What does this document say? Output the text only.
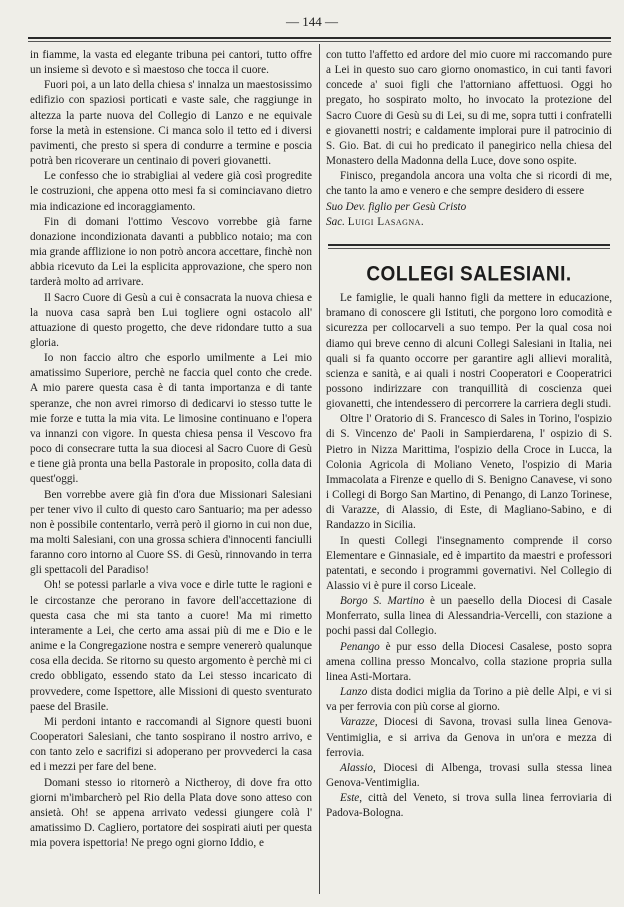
— 144 —

in fiamme, la vasta ed elegante tribuna pei cantori, tutto offre un insieme sì devoto e sì maestoso che tocca il cuore.

Fuori poi, a un lato della chiesa s' innalza un maestosissimo edifizio con spaziosi porticati e vaste sale, che raggiunge in altezza la parte nuova del Collegio di Lanzo e ne equivale forse la metà in estensione. Ci manca solo il tetto ed i diversi pavimenti, che presto si spera di condurre a termine e poscia potrà ben ricoverare un centinaio di poveri giovanetti.

Le confesso che io strabigliai al vedere già così progredite le costruzioni, che appena otto mesi fa si cominciavano dietro mia indicazione ed incoraggiamento.

Fin di domani l'ottimo Vescovo vorrebbe già farne donazione incondizionata davanti a pubblico notaio; ma con mia grande afflizione io non potrò ancora accettare, finchè non abbia ricevuto da Lei la esplicita approvazione, che spero non tarderà molto ad arrivare.

Il Sacro Cuore di Gesù a cui è consacrata la nuova chiesa e la nuova casa saprà ben Lui togliere ogni ostacolo all' attuazione di questo progetto, che deve ridondare tutto a sua gloria.

Io non faccio altro che esporlo umilmente a Lei mio amatissimo Superiore, perchè ne faccia quel conto che crede. A mio parere questa casa è di tanta importanza e di tante speranze, che non avrei rimorso di dedicarvi io stesso tutte le mie forze e tutta la mia vita. Le limosine continuano e l'opera va innanzi con vigore. In questa chiesa pensa il Vescovo fra poco di consecrare tutta la sua diocesi al Sacro Cuore di Gesù e tiene già pronta una bella Pastorale in proposito, colla data di quest'oggi.

Ben vorrebbe avere già fin d'ora due Missionari Salesiani per tener vivo il culto di questo caro Santuario; ma per adesso non è possibile contentarlo, verrà però il giorno in cui non due, ma molti Salesiani, con una grossa schiera d'innocenti fanciulli faranno coro intorno al Cuore SS. di Gesù, rinnovando in terra gli spettacoli del Paradiso!

Oh! se potessi parlarle a viva voce e dirle tutte le ragioni e le circostanze che perorano in favore dell'accettazione di questa casa che mi sta tanto a cuore! Ma mi rimetto interamente a Lei, che certo ama assai più di me e Dio e le anime e la Congregazione nostra e sempre venererò qualunque cosa ella decida. Se ritorno su questo argomento è perchè mi ci credo obbligato, essendo stato da Lei stesso incaricato di provvedere, come Ispettore, alle Missioni di questo sventurato paese del Brasile.

Mi perdoni intanto e raccomandi al Signore questi buoni Cooperatori Salesiani, che tanto sospirano il nostro arrivo, e con tanto zelo e sacrifizi si adoperano per provvederci la casa ed i mezzi per fare del bene.

Domani stesso io ritornerò a Nictheroy, di dove fra otto giorni m'imbarcherò pel Rio della Plata dove sono atteso con ansietà. Oh! se appena arrivato vedessi giungere colà l' amatissimo D. Cagliero, portatore dei sospirati aiuti per questa mia povera ispettoria! Ne prego ogni giorno Iddio, e

con tutto l'affetto ed ardore del mio cuore mi raccomando pure a Lei in questo suo caro giorno onomastico, in cui tanti favori concede a' suoi figli che l'attorniano affettuosi. Oggi ho pregato, ho sospirato molto, ho invocato la protezione del Sacro Cuore di Gesù su di Lei, su di me, sopra tutti i confratelli e giovanetti nostri; e caldamente implorai pure il patrocinio di S. Gio. Bat. di cui ho predicato il panegirico nella chiesa del Monastero della Madonna della Luce, dove sono ospite.

Finisco, pregandola ancora una volta che si ricordi di me, che tanto la amo e venero e che sempre desidero di essere

Suo Dev. figlio per Gesù Cristo

Sac. Luigi Lasagna.

COLLEGI SALESIANI.

Le famiglie, le quali hanno figli da mettere in educazione, bramano di conoscere gli Istituti, che porgono loro comodità e sicurezza per collocarveli a suo tempo. Per la qual cosa noi diamo qui breve cenno di alcuni Collegi Salesiani in Italia, nei quali si fa quanto occorre per garantire agli allievi moralità, scienza e sanità, e ai quali i nostri Cooperatori e Cooperatrici possono indirizzare con tranquillità di coscienza quei giovanetti, che intendessero di percorrere la carriera degli studi.

Oltre l' Oratorio di S. Francesco di Sales in Torino, l'ospizio di S. Vincenzo de' Paoli in Sampierdarena, l' ospizio di S. Pietro in Nizza Marittima, l'ospizio della Croce in Lucca, la Colonia Agricola di Moliano Veneto, l'ospizio di Maria Immacolata a Firenze e quello di S. Benigno Canavese, vi sono i Collegi di Borgo San Martino, di Penango, di Lanzo Torinese, di Varazze, di Alassio, di Este, di Magliano-Sabino, e di Randazzo in Sicilia.

In questi Collegi l'insegnamento comprende il corso Elementare e Ginnasiale, ed è impartito da maestri e professori patentati, e secondo i programmi governativi. Nel Collegio di Alassio vi è pure il corso Liceale.

Borgo S. Martino è un paesello della Diocesi di Casale Monferrato, sulla linea di Alessandria-Vercelli, con stazione a pochi passi dal Collegio.

Penango è pur esso della Diocesi Casalese, posto sopra amena collina presso Moncalvo, colla stazione propria sulla linea Asti-Mortara.

Lanzo dista dodici miglia da Torino a piè delle Alpi, e vi si va per ferrovia con più corse al giorno.

Varazze, Diocesi di Savona, trovasi sulla linea Genova-Ventimiglia, e si arriva da Genova in un'ora e mezza di ferrovia.

Alassio, Diocesi di Albenga, trovasi sulla stessa linea Genova-Ventimiglia.

Este, città del Veneto, si trova sulla linea ferroviaria di Padova-Bologna.
